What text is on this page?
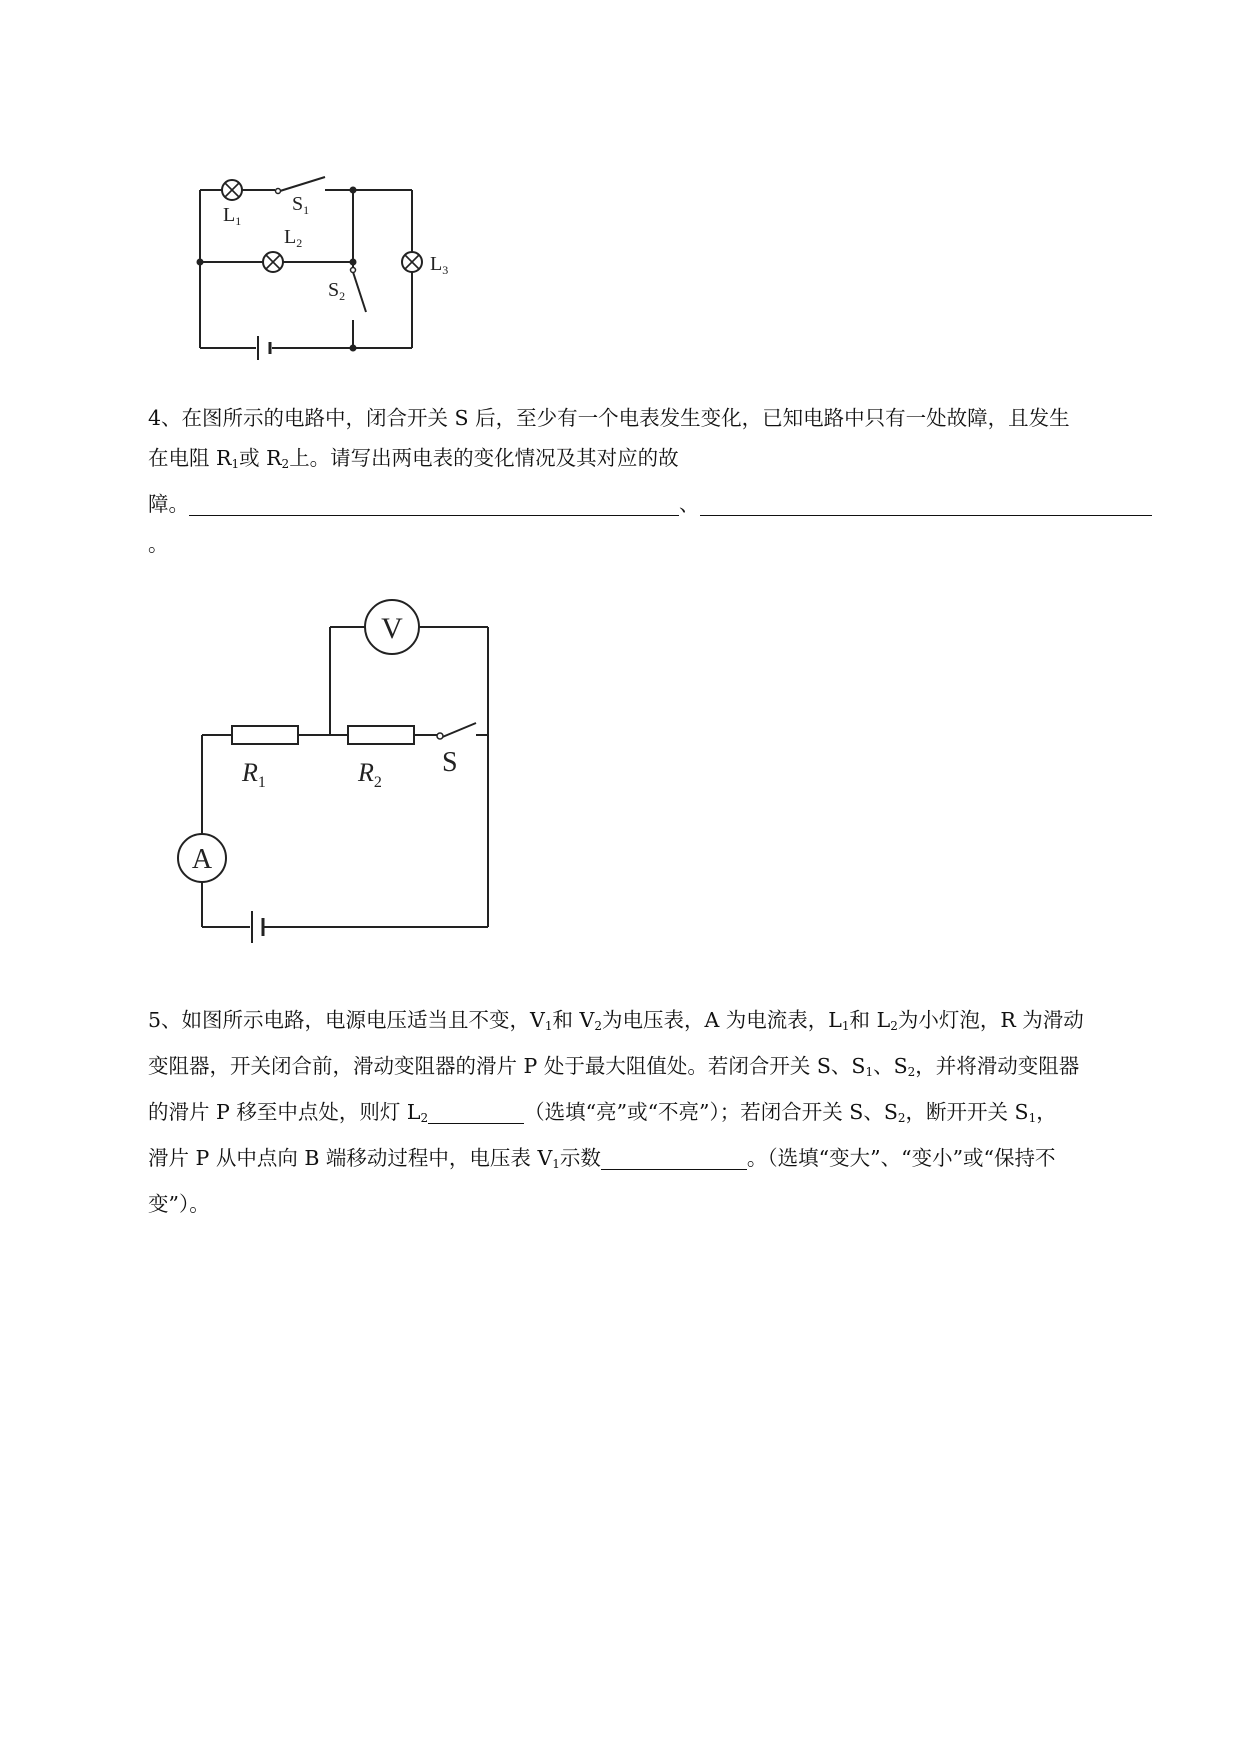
$L_1$
$S_1$
$L_2$
$S_2$
$L_3$

4、在图所示的电路中，闭合开关 S 后，至少有一个电表发生变化，已知电路中只有一处故障，且发生

在电阻 $R_1$或 $R_2$上。请写出两电表的变化情况及其对应的故

障。	、

。

V
A
$R_1$	$R_2$
S

5、如图所示电路，电源电压适当且不变，$V_1$和 $V_2$为电压表，A 为电流表，$L_1$和 $L_2$为小灯泡，R 为滑动

变阻器，开关闭合前，滑动变阻器的滑片 P 处于最大阻值处。若闭合开关 S、$S_1$、$S_2$，并将滑动变阻器

的滑片 P 移至中点处，则灯 $L_2$	（选填“亮”或“不亮”）；若闭合开关 S、$S_2$，断开开关 $S_1$，

滑片 P 从中点向 B 端移动过程中，电压表 $V_1$示数	。（选填“变大”、“变小”或“保持不

变”）。
